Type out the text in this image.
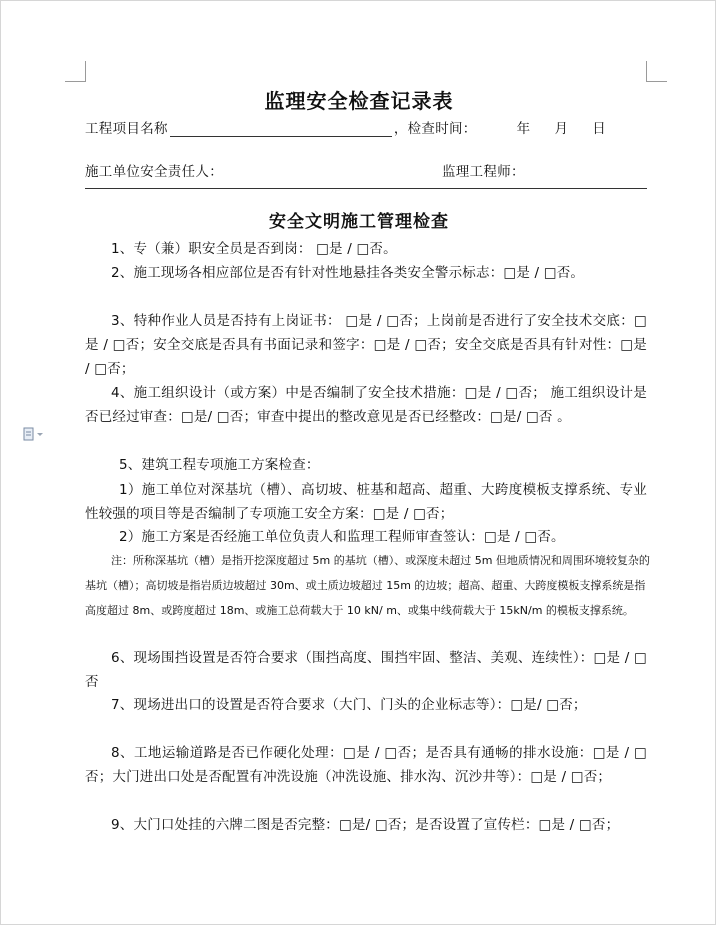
监理安全检查记录表
工程项目名称	，检查时间：	年 月 日
施工单位安全责任人：	监理工程师：
安全文明施工管理检查
1、专（兼）职安全员是否到岗： □是 / □否。
2、施工现场各相应部位是否有针对性地悬挂各类安全警示标志：□是 / □否。
3、特种作业人员是否持有上岗证书： □是 / □否；上岗前是否进行了安全技术交底：□是 / □否；安全交底是否具有书面记录和签字：□是 / □否；安全交底是否具有针对性：□是 / □否；
4、施工组织设计（或方案）中是否编制了安全技术措施：□是 / □否； 施工组织设计是否已经过审查：□是/ □否；审查中提出的整改意见是否已经整改：□是/ □否 。
5、建筑工程专项施工方案检查：
1）施工单位对深基坑（槽）、高切坡、桩基和超高、超重、大跨度模板支撑系统、专业性较强的项目等是否编制了专项施工安全方案：□是 / □否；
2）施工方案是否经施工单位负责人和监理工程师审查签认：□是 / □否。
注：所称深基坑（槽）是指开挖深度超过 5m 的基坑（槽）、或深度未超过 5m 但地质情况和周围环境较复杂的基坑（槽）；高切坡是指岩质边坡超过 30m、或土质边坡超过 15m 的边坡；超高、超重、大跨度模板支撑系统是指高度超过 8m、或跨度超过 18m、或施工总荷载大于 10 kN/ m、或集中线荷载大于 15kN/m 的模板支撑系统。
6、现场围挡设置是否符合要求（围挡高度、围挡牢固、整洁、美观、连续性）：□是 / □否
7、现场进出口的设置是否符合要求（大门、门头的企业标志等）：□是/ □否；
8、工地运输道路是否已作硬化处理：□是 / □否；是否具有通畅的排水设施：□是 / □否；大门进出口处是否配置有冲洗设施（冲洗设施、排水沟、沉沙井等）：□是 / □否；
9、大门口处挂的六牌二图是否完整：□是/ □否；是否设置了宣传栏：□是 / □否；
